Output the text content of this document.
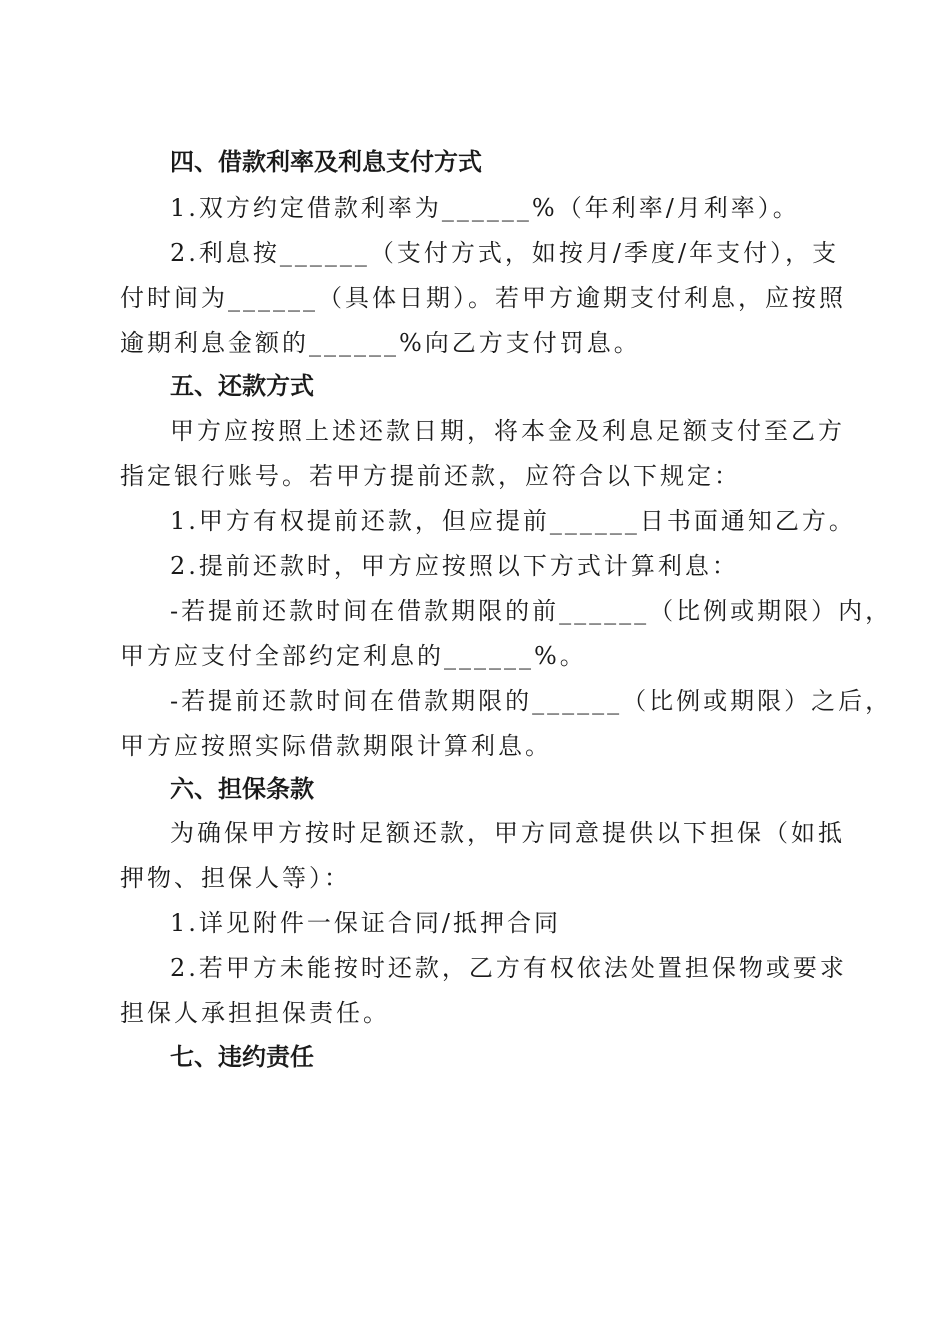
四、借款利率及利息支付方式
1.双方约定借款利率为______%（年利率/月利率）。
2.利息按______（支付方式，如按月/季度/年支付），支
付时间为______（具体日期）。若甲方逾期支付利息，应按照
逾期利息金额的______%向乙方支付罚息。
五、还款方式
甲方应按照上述还款日期，将本金及利息足额支付至乙方
指定银行账号。若甲方提前还款，应符合以下规定：
1.甲方有权提前还款，但应提前______日书面通知乙方。
2.提前还款时，甲方应按照以下方式计算利息：
-若提前还款时间在借款期限的前______（比例或期限）内，
甲方应支付全部约定利息的______%。
-若提前还款时间在借款期限的______（比例或期限）之后，
甲方应按照实际借款期限计算利息。
六、担保条款
为确保甲方按时足额还款，甲方同意提供以下担保（如抵
押物、担保人等）：
1.详见附件一保证合同/抵押合同
2.若甲方未能按时还款，乙方有权依法处置担保物或要求
担保人承担担保责任。
七、违约责任
